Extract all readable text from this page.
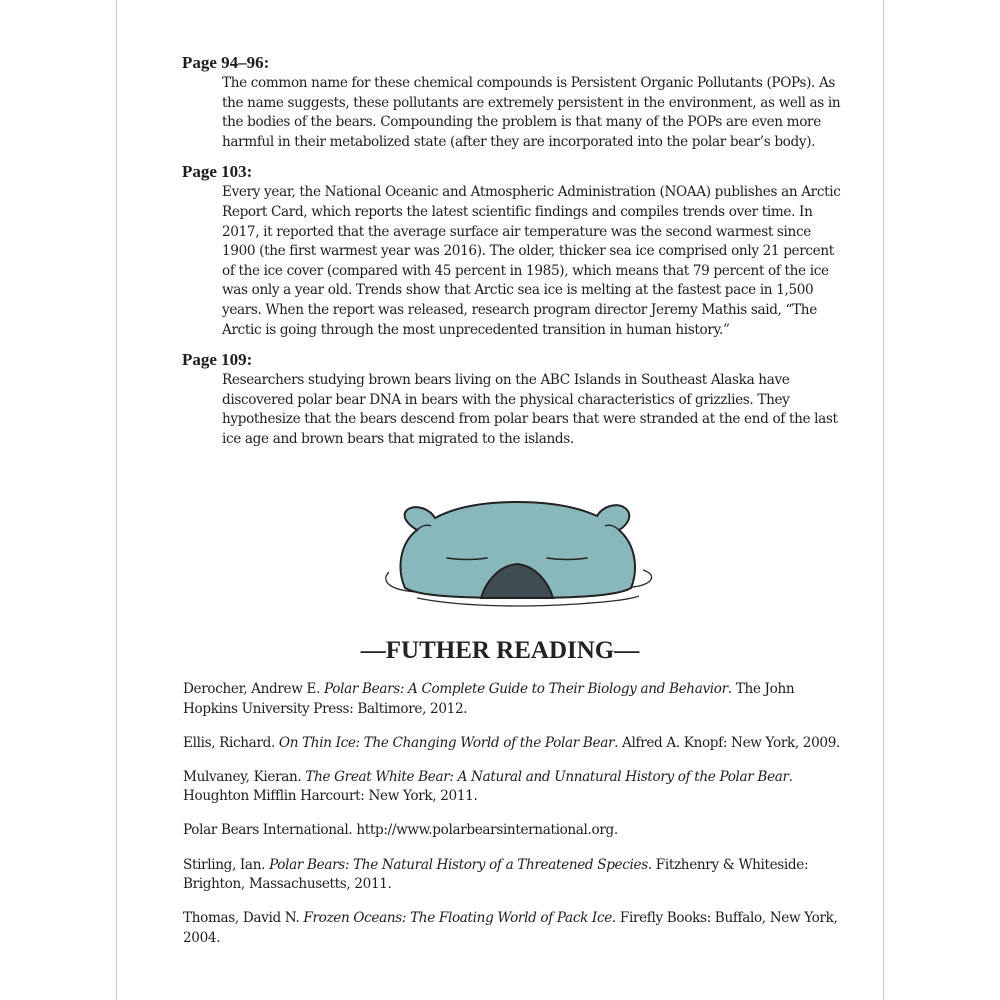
Page 94–96:
The common name for these chemical compounds is Persistent Organic Pollutants (POPs). As the name suggests, these pollutants are extremely persistent in the environment, as well as in the bodies of the bears. Compounding the problem is that many of the POPs are even more harmful in their metabolized state (after they are incorporated into the polar bear’s body).
Page 103:
Every year, the National Oceanic and Atmospheric Administration (NOAA) publishes an Arctic Report Card, which reports the latest scientific findings and compiles trends over time. In 2017, it reported that the average surface air temperature was the second warmest since 1900 (the first warmest year was 2016). The older, thicker sea ice comprised only 21 percent of the ice cover (compared with 45 percent in 1985), which means that 79 percent of the ice was only a year old. Trends show that Arctic sea ice is melting at the fastest pace in 1,500 years. When the report was released, research program director Jeremy Mathis said, “The Arctic is going through the most unprecedented transition in human history.”
Page 109:
Researchers studying brown bears living on the ABC Islands in Southeast Alaska have discovered polar bear DNA in bears with the physical characteristics of grizzlies. They hypothesize that the bears descend from polar bears that were stranded at the end of the last ice age and brown bears that migrated to the islands.
—FUTHER READING—
Derocher, Andrew E. Polar Bears: A Complete Guide to Their Biology and Behavior. The John Hopkins University Press: Baltimore, 2012.
Ellis, Richard. On Thin Ice: The Changing World of the Polar Bear. Alfred A. Knopf: New York, 2009.
Mulvaney, Kieran. The Great White Bear: A Natural and Unnatural History of the Polar Bear. Houghton Mifflin Harcourt: New York, 2011.
Polar Bears International. http://www.polarbearsinternational.org.
Stirling, Ian. Polar Bears: The Natural History of a Threatened Species. Fitzhenry & Whiteside: Brighton, Massachusetts, 2011.
Thomas, David N. Frozen Oceans: The Floating World of Pack Ice. Firefly Books: Buffalo, New York, 2004.
